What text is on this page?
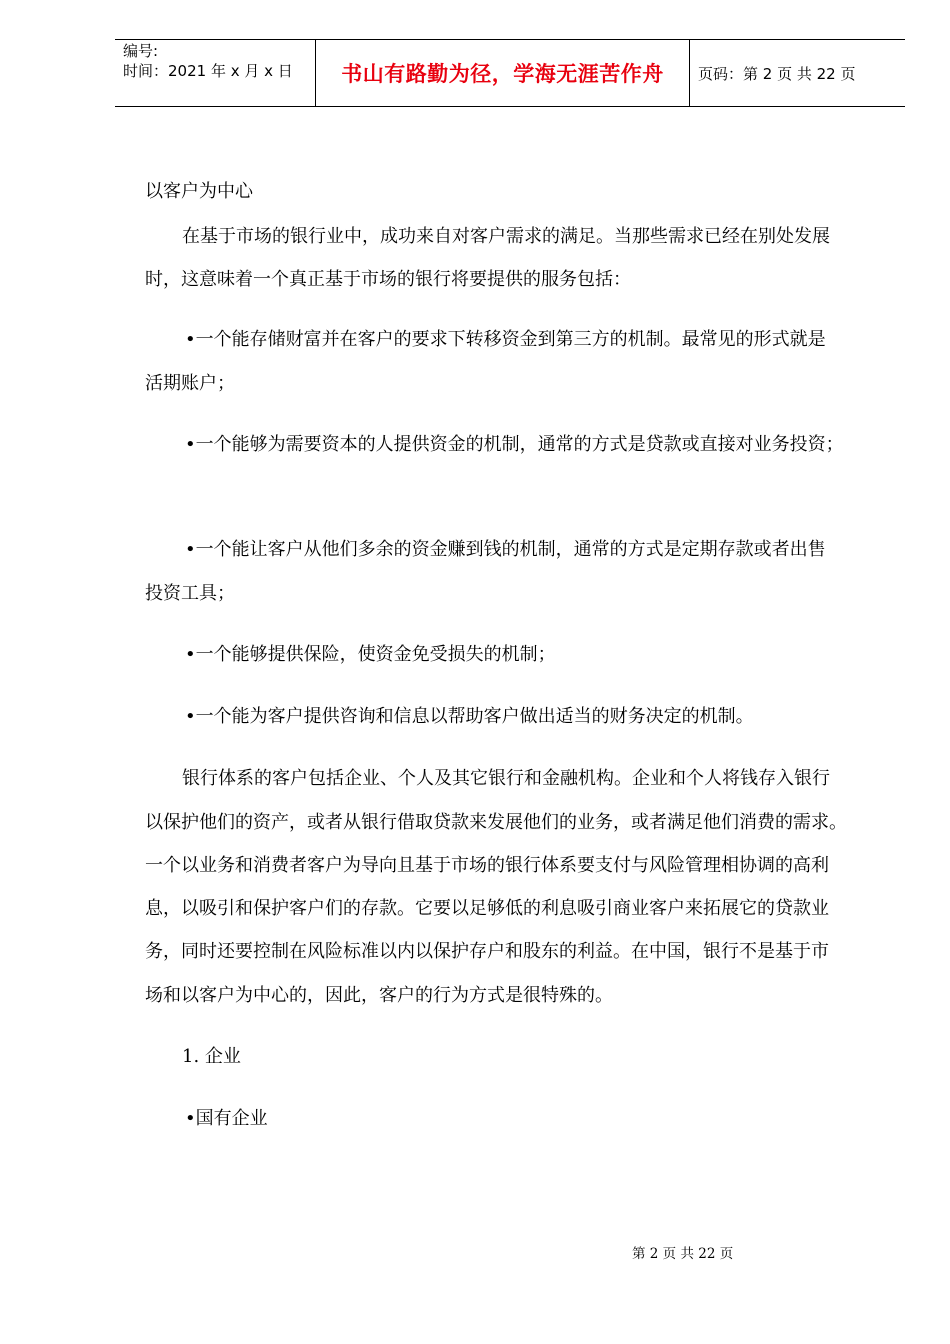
编号:
时间：2021 年 x 月 x 日 书山有路勤为径，学海无涯苦作舟 页码：第 2 页 共 22 页
以客户为中心
在基于市场的银行业中，成功来自对客户需求的满足。当那些需求已经在别处发展
时，这意味着一个真正基于市场的银行将要提供的服务包括：
•一个能存储财富并在客户的要求下转移资金到第三方的机制。最常见的形式就是
活期账户；
•一个能够为需要资本的人提供资金的机制，通常的方式是贷款或直接对业务投资；
•一个能让客户从他们多余的资金赚到钱的机制，通常的方式是定期存款或者出售
投资工具；
•一个能够提供保险，使资金免受损失的机制；
•一个能为客户提供咨询和信息以帮助客户做出适当的财务决定的机制。
银行体系的客户包括企业、个人及其它银行和金融机构。企业和个人将钱存入银行
以保护他们的资产，或者从银行借取贷款来发展他们的业务，或者满足他们消费的需求。
一个以业务和消费者客户为导向且基于市场的银行体系要支付与风险管理相协调的高利
息，以吸引和保护客户们的存款。它要以足够低的利息吸引商业客户来拓展它的贷款业
务，同时还要控制在风险标准以内以保护存户和股东的利益。在中国，银行不是基于市
场和以客户为中心的，因此，客户的行为方式是很特殊的。
1. 企业
•国有企业
第 2 页 共 22 页
